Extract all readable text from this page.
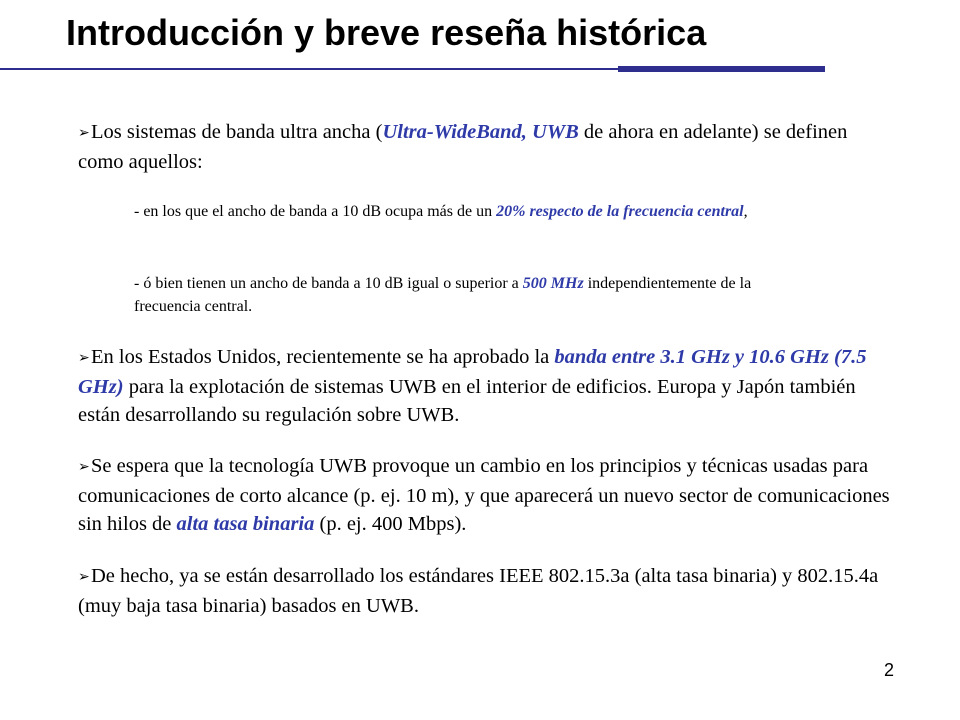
Introducción y breve reseña histórica
➢Los sistemas de banda ultra ancha (Ultra-WideBand, UWB de ahora en adelante) se definen como aquellos:
- en los que el ancho de banda a 10 dB ocupa más de un 20% respecto de la frecuencia central,
- ó bien tienen un ancho de banda a 10 dB igual o superior a 500 MHz independientemente de la frecuencia central.
➢En los Estados Unidos, recientemente se ha aprobado la banda entre 3.1 GHz y 10.6 GHz (7.5 GHz) para la explotación de sistemas UWB en el interior de edificios. Europa y Japón también están desarrollando su regulación sobre UWB.
➢Se espera que la tecnología UWB provoque un cambio en los principios y técnicas usadas para comunicaciones de corto alcance (p. ej. 10 m), y que aparecerá un nuevo sector de comunicaciones sin hilos de alta tasa binaria (p. ej. 400 Mbps).
➢De hecho, ya se están desarrollado los estándares IEEE 802.15.3a (alta tasa binaria) y 802.15.4a (muy baja tasa binaria) basados en UWB.
2
